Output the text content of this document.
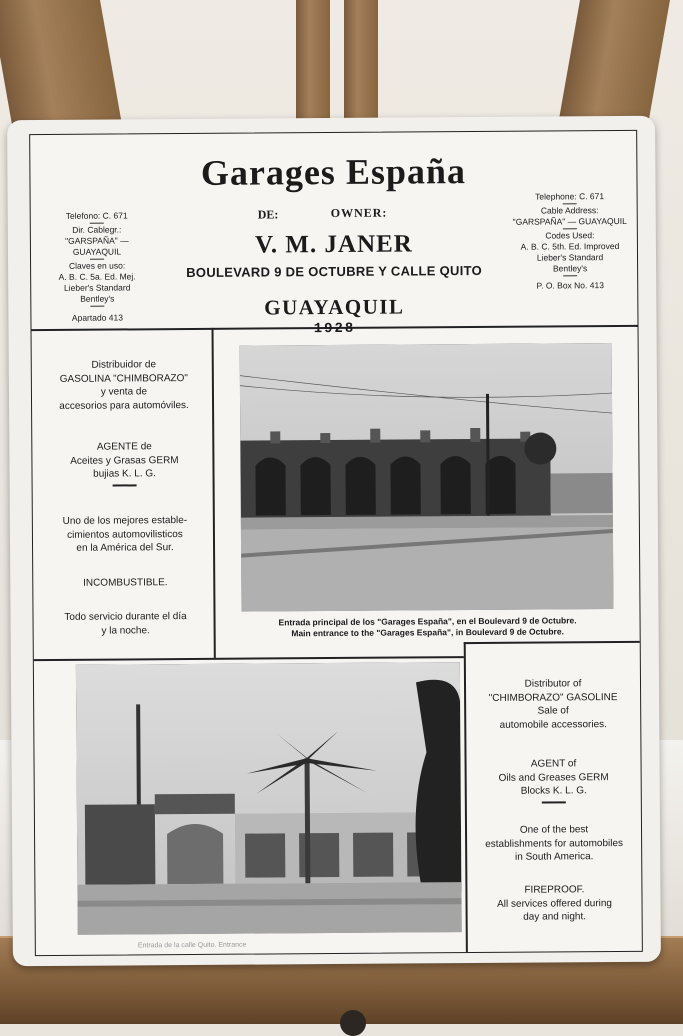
Garages España
DE:	OWNER:
V. M. JANER
BOULEVARD 9 DE OCTUBRE Y CALLE QUITO
GUAYAQUIL
1928
Telefono: C. 671
Dir. Cablegr.:
"GARSPAÑA" — GUAYAQUIL
Claves en uso:
A. B. C. 5a. Ed. Mej.
Lieber's Standard
Bentley's
Apartado 413
Telephone: C. 671
Cable Address:
"GARSPAÑA" — GUAYAQUIL
Codes Used:
A. B. C. 5th. Ed. Improved
Lieber's Standard
Bentley's
P. O. Box No. 413

Distribuidor de

GASOLINA "CHIMBORAZO"

y venta de

accesorios para automóviles.

AGENTE de

Aceites y Grasas GERM

bujias K. L. G.

Uno de los mejores estable-

cimientos automovilisticos

en la América del Sur.

INCOMBUSTIBLE.

Todo servicio durante el día

y la noche.

Entrada principal de los "Garages España", en el Boulevard 9 de Octubre.
Main entrance to the "Garages España", in Boulevard 9 de Octubre.
Entrada de la calle Quito. Entrance

Distributor of

"CHIMBORAZO" GASOLINE

Sale of

automobile accessories.

AGENT of

Oils and Greases GERM

Blocks K. L. G.

One of the best

establishments for automobiles

in South America.

FIREPROOF.

All services offered during

day and night.
